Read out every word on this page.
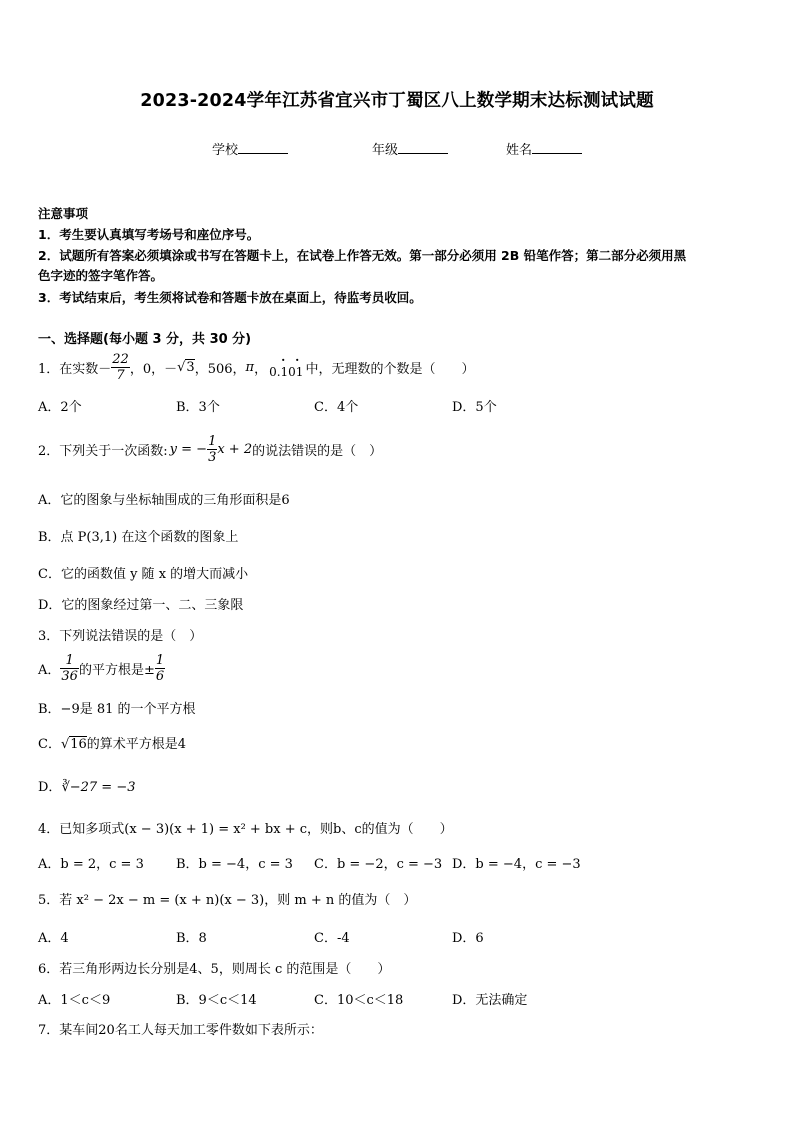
2023-2024学年江苏省宜兴市丁蜀区八上数学期末达标测试试题
学校	年级	姓名
注意事项
1．考生要认真填写考场号和座位序号。
2．试题所有答案必须填涂或书写在答题卡上，在试卷上作答无效。第一部分必须用 2B 铅笔作答；第二部分必须用黑
色字迹的签字笔作答。
3．考试结束后，考生须将试卷和答题卡放在桌面上，待监考员收回。
一、选择题(每小题 3 分，共 30 分)
1．在实数－ $\frac{22}{7}$ ，0，－ √ 3 ，506， π ， 0.101
· ·
中，无理数的个数是（　　）
A．2个	B．3个	C．4个	D．5个
2．下列关于一次函数: y = − $\frac{1}{3}$ x + 2 的说法错误的是（　）
A．它的图象与坐标轴围成的三角形面积是6
B．点 P(3,1) 在这个函数的图象上
C．它的函数值 y 随 x 的增大而减小
D．它的图象经过第一、二、三象限
3．下列说法错误的是（　）
A． $\frac{1}{36}$ 的平方根是± $\frac{1}{6}$
B．−9是 81 的一个平方根
C． √ 16 的算术平方根是4
D．∛−27 = −3
4．已知多项式(x − 3)(x + 1) = x² + bx + c，则b、c的值为（　　）
A．b = 2，c = 3 B．b = −4，c = 3 C．b = −2，c = −3 D．b = −4，c = −3
5．若 x² − 2x − m = (x + n)(x − 3)，则 m + n 的值为（　）
A．4	B．8	C．-4	D．6
6．若三角形两边长分别是4、5，则周长 c 的范围是（　　）
A．1＜c＜9	B．9＜c＜14	C．10＜c＜18	D．无法确定
7．某车间20名工人每天加工零件数如下表所示：
